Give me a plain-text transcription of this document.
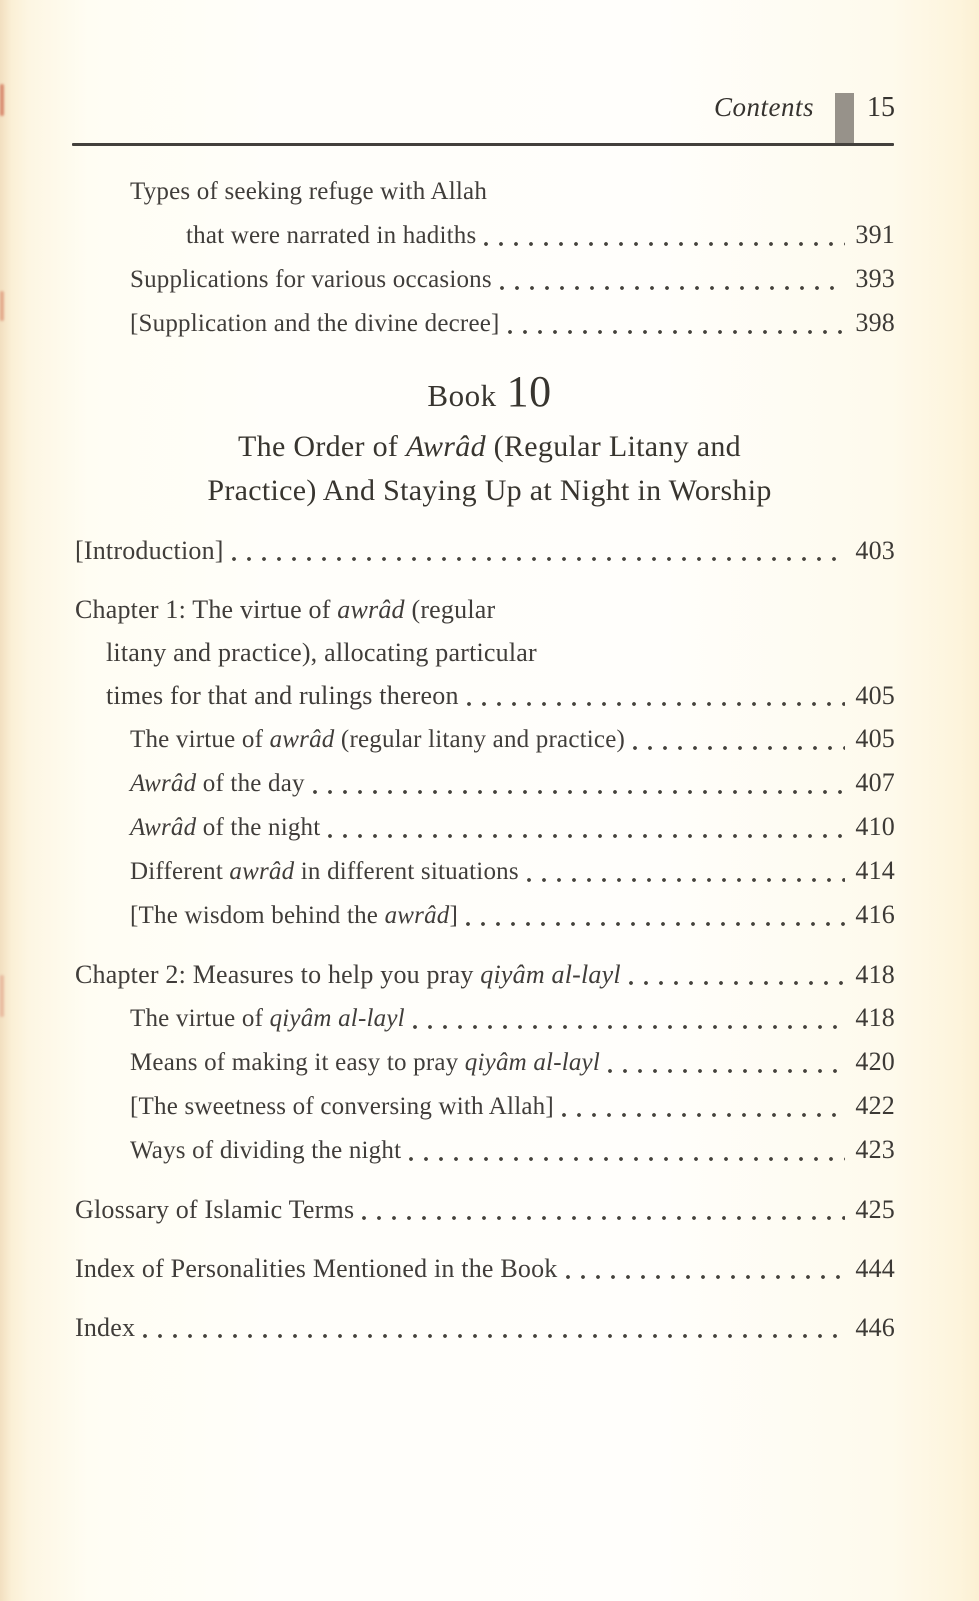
Contents 15
Types of seeking refuge with Allah
that were narrated in hadiths	391
Supplications for various occasions	393
[Supplication and the divine decree]	398
Book 10
The Order of Awrâd (Regular Litany and
Practice) And Staying Up at Night in Worship
[Introduction]	403
Chapter 1: The virtue of awrâd (regular
litany and practice), allocating particular
times for that and rulings thereon	405
The virtue of awrâd (regular litany and practice)	405
Awrâd of the day	407
Awrâd of the night	410
Different awrâd in different situations	414
[The wisdom behind the awrâd]	416
Chapter 2: Measures to help you pray qiyâm al-layl	418
The virtue of qiyâm al-layl	418
Means of making it easy to pray qiyâm al-layl	420
[The sweetness of conversing with Allah]	422
Ways of dividing the night	423
Glossary of Islamic Terms	425
Index of Personalities Mentioned in the Book	444
Index	446
